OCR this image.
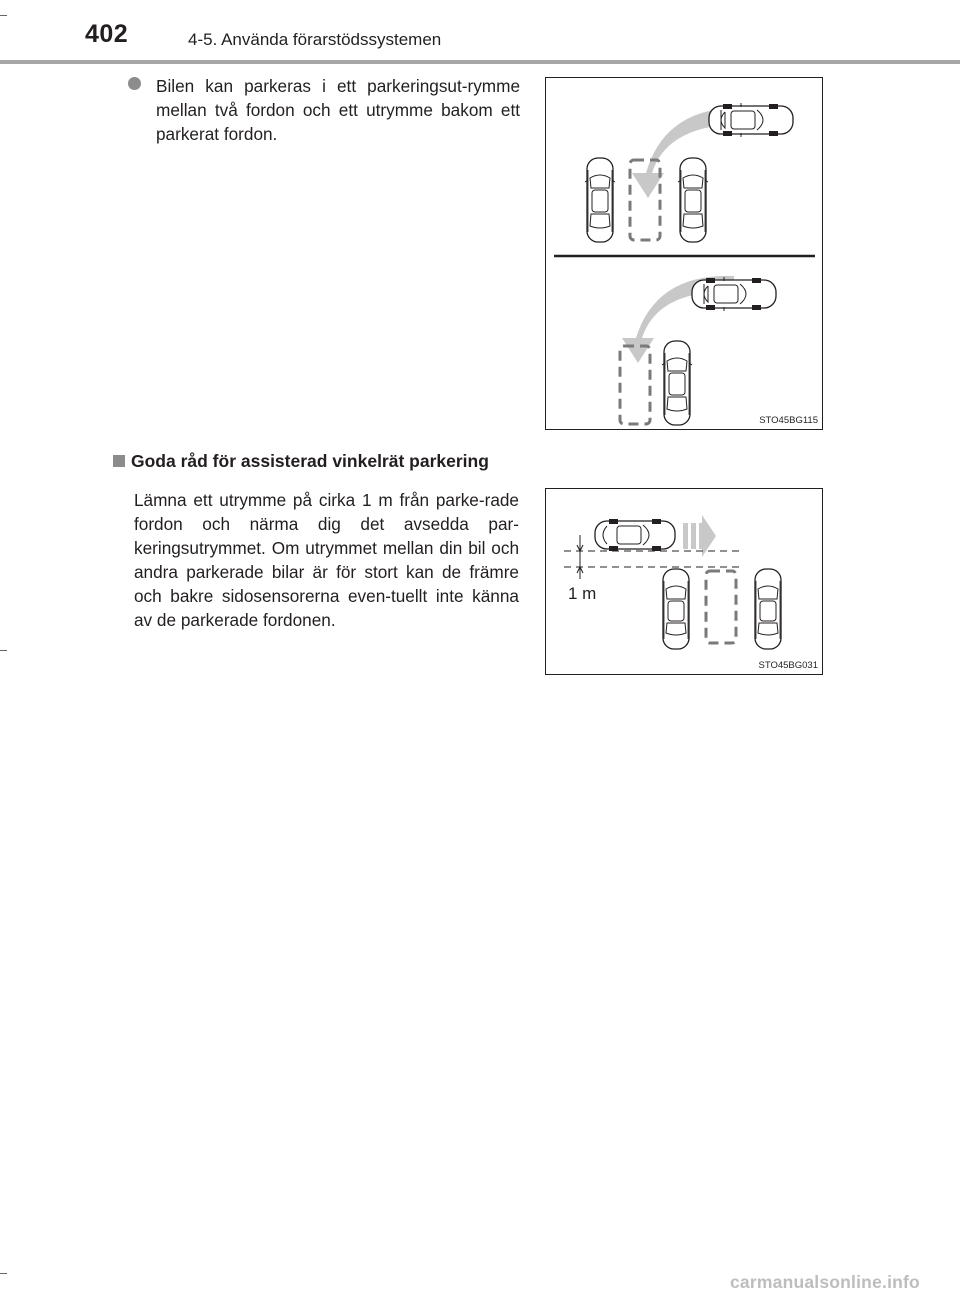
402	4-5. Använda förarstödssystemen

Bilen kan parkeras i ett parkeringsut-rymme mellan två fordon och ett utrymme bakom ett parkerat fordon.

STO45BG115
Goda råd för assisterad vinkelrät parkering

Lämna ett utrymme på cirka 1 m från parke-rade fordon och närma dig det avsedda par-keringsutrymmet. Om utrymmet mellan din bil och andra parkerade bilar är för stort kan de främre och bakre sidosensorerna even-tuellt inte känna av de parkerade fordonen.

1 m
STO45BG031
carmanualsonline.info
